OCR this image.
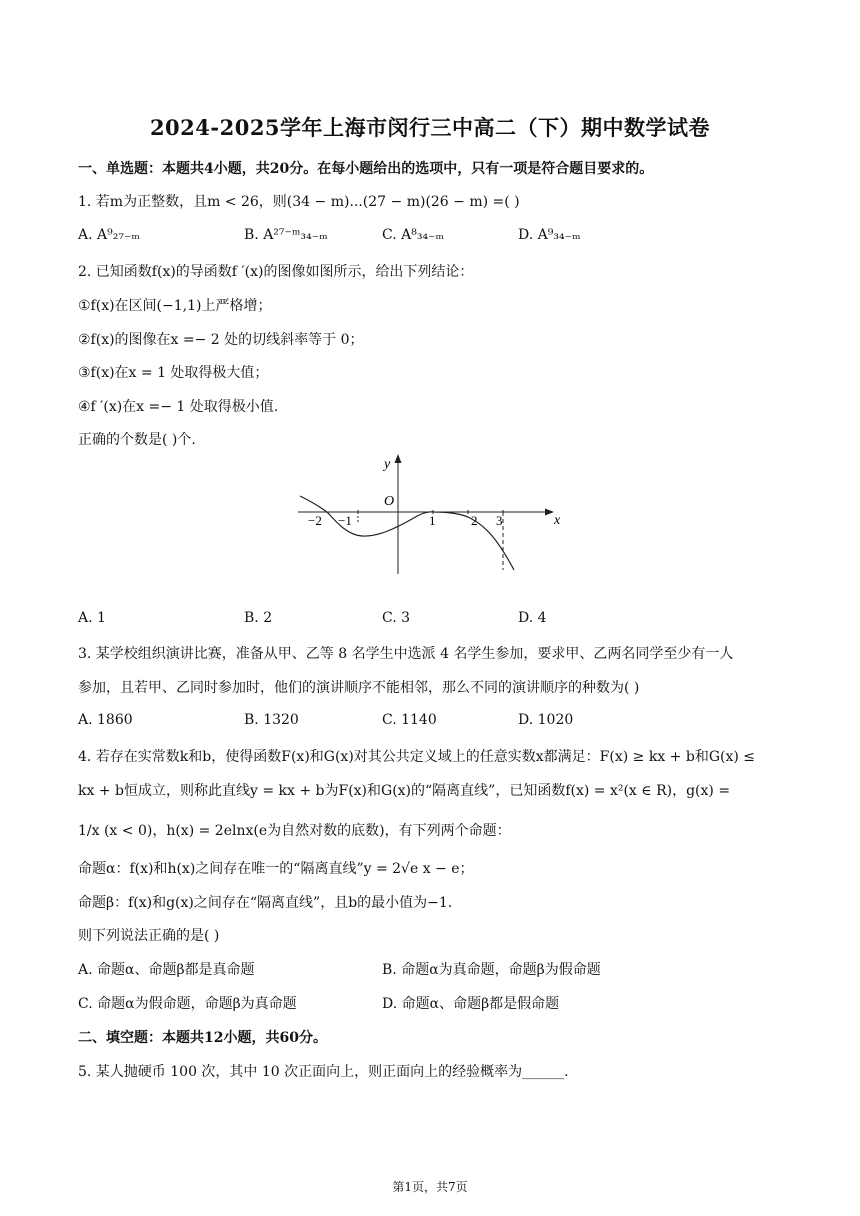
2024-2025学年上海市闵行三中高二（下）期中数学试卷
一、单选题：本题共4小题，共20分。在每小题给出的选项中，只有一项是符合题目要求的。
1. 若m为正整数，且m < 26，则(34 − m)...(27 − m)(26 − m) =( )
A. A⁹₂₇₋ₘ	B. A²⁷⁻ᵐ₃₄₋ₘ	C. A⁸₃₄₋ₘ	D. A⁹₃₄₋ₘ
2. 已知函数f(x)的导函数f ′(x)的图像如图所示，给出下列结论：
①f(x)在区间(−1,1)上严格增；
②f(x)的图像在x =− 2 处的切线斜率等于 0；
③f(x)在x = 1 处取得极大值；
④f ′(x)在x =− 1 处取得极小值.
正确的个数是( )个.
y
x
O
−2 −1	1	2 3
A. 1	B. 2	C. 3	D. 4
3. 某学校组织演讲比赛，准备从甲、乙等 8 名学生中选派 4 名学生参加，要求甲、乙两名同学至少有一人
参加，且若甲、乙同时参加时，他们的演讲顺序不能相邻，那么不同的演讲顺序的种数为( )
A. 1860	B. 1320	C. 1140	D. 1020
4. 若存在实常数k和b，使得函数F(x)和G(x)对其公共定义域上的任意实数x都满足：F(x) ≥ kx + b和G(x) ≤
kx + b恒成立，则称此直线y = kx + b为F(x)和G(x)的“隔离直线”，已知函数f(x) = x²(x ∈ R)，g(x) =
1/x (x < 0)，h(x) = 2elnx(e为自然对数的底数)，有下列两个命题：
命题α：f(x)和h(x)之间存在唯一的“隔离直线”y = 2√e x − e；
命题β：f(x)和g(x)之间存在“隔离直线”，且b的最小值为−1.
则下列说法正确的是( )
A. 命题α、命题β都是真命题	B. 命题α为真命题，命题β为假命题
C. 命题α为假命题，命题β为真命题	D. 命题α、命题β都是假命题
二、填空题：本题共12小题，共60分。
5. 某人抛硬币 100 次，其中 10 次正面向上，则正面向上的经验概率为______.
第1页，共7页
